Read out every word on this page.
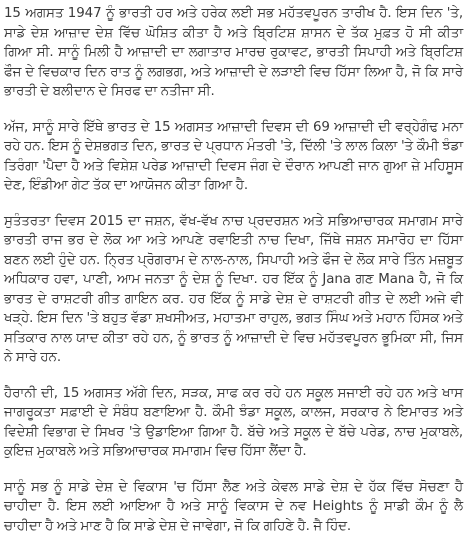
15 ਅਗਸਤ 1947 ਨੂੰ ਭਾਰਤੀ ਹਰ ਅਤੇ ਹਰੇਕ ਲਈ ਸਭ ਮਹੱਤਵਪੂਰਨ ਤਾਰੀਖ ਹੈ. ਇਸ ਦਿਨ 'ਤੇ, ਸਾਡੇ ਦੇਸ਼ ਆਜ਼ਾਦ ਦੇਸ਼ ਵਿੱਚ ਘੋਸ਼ਿਤ ਕੀਤਾ ਹੈ ਅਤੇ ਬ੍ਰਿਟਿਸ਼ ਸ਼ਾਸਨ ਦੇ ਤੱਕ ਮੁਫ਼ਤ ਹੋ ਸੀ ਕੀਤਾ ਗਿਆ ਸੀ. ਸਾਨੂੰ ਮਿਲੀ ਹੈ ਆਜ਼ਾਦੀ ਦਾ ਲਗਾਤਾਰ ਮਾਰਚ ਰੁਕਾਵਟ, ਭਾਰਤੀ ਸਿਪਾਹੀ ਅਤੇ ਬ੍ਰਿਟਿਸ਼ ਫੌਜ ਦੇ ਵਿਚਕਾਰ ਦਿਨ ਰਾਤ ਨੂੰ ਲਗਭਗ, ਅਤੇ ਆਜ਼ਾਦੀ ਦੇ ਲੜਾਈ ਵਿਚ ਹਿੱਸਾ ਲਿਆ ਹੈ, ਜੋ ਕਿ ਸਾਰੇ ਭਾਰਤੀ ਦੇ ਬਲੀਦਾਨ ਦੇ ਸਿਰਫ ਦਾ ਨਤੀਜਾ ਸੀ.

ਅੱਜ, ਸਾਨੂੰ ਸਾਰੇ ਇੱਥੇ ਭਾਰਤ ਦੇ 15 ਅਗਸਤ ਆਜ਼ਾਦੀ ਦਿਵਸ ਦੀ 69 ਆਜ਼ਾਦੀ ਦੀ ਵਰ੍ਹੇਗੰਢ ਮਨਾ ਰਹੇ ਹਨ. ਇਸ ਨੂੰ ਦੇਸ਼ਭਗਤ ਦਿਨ, ਭਾਰਤ ਦੇ ਪ੍ਰਧਾਨ ਮੰਤਰੀ 'ਤੇ, ਦਿੱਲੀ 'ਤੇ ਲਾਲ ਕਿਲਾ 'ਤੇ ਕੌਮੀ ਝੰਡਾ ਤਿਰੰਗਾ 'ਪੈਦਾ ਹੈ ਅਤੇ ਵਿਸ਼ੇਸ਼ ਪਰੇਡ ਆਜ਼ਾਦੀ ਦਿਵਸ ਜੰਗ ਦੇ ਦੌਰਾਨ ਆਪਣੀ ਜਾਨ ਗੁਆ ਜ਼ੇ ਮਹਿਸੂਸ ਦੇਣ, ਇੰਡੀਆ ਗੇਟ ਤੱਕ ਦਾ ਆਯੋਜਨ ਕੀਤਾ ਗਿਆ ਹੈ.

ਸੁਤੰਤਰਤਾ ਦਿਵਸ 2015 ਦਾ ਜਸ਼ਨ, ਵੱਖ-ਵੱਖ ਨਾਚ ਪ੍ਰਦਰਸ਼ਨ ਅਤੇ ਸਭਿਆਚਾਰਕ ਸਮਾਗਮ ਸਾਰੇ ਭਾਰਤੀ ਰਾਜ ਭਰ ਦੇ ਲੋਕ ਆ ਅਤੇ ਆਪਣੇ ਰਵਾਇਤੀ ਨਾਚ ਦਿਖਾ, ਜਿੱਥੇ ਜਸ਼ਨ ਸਮਾਰੋਹ ਦਾ ਹਿੱਸਾ ਬਣਨ ਲਈ ਹੁੰਦੇ ਹਨ. ਨ੍ਰਿਤ ਪ੍ਰੋਗਰਾਮ ਦੇ ਨਾਲ-ਨਾਲ, ਸਿਪਾਹੀ ਅਤੇ ਫੌਜ ਦੇ ਲੋਕ ਸਾਰੇ ਤਿੰਨ ਮਜ਼ਬੂਤ ਅਧਿਕਾਰ ਹਵਾ, ਪਾਣੀ, ਆਮ ਜਨਤਾ ਨੂੰ ਦੇਸ਼ ਨੂੰ ਦਿਖਾ. ਹਰ ਇੱਕ ਨੂੰ Jana ਗਣ Mana ਹੈ, ਜੋ ਕਿ ਭਾਰਤ ਦੇ ਰਾਸ਼ਟਰੀ ਗੀਤ ਗਾਇਨ ਕਰ. ਹਰ ਇੱਕ ਨੂੰ ਸਾਡੇ ਦੇਸ਼ ਦੇ ਰਾਸ਼ਟਰੀ ਗੀਤ ਦੇ ਲਈ ਅਜੇ ਵੀ ਖੜ੍ਹੇ. ਇਸ ਦਿਨ 'ਤੇ ਬਹੁਤ ਵੱਡਾ ਸ਼ਖਸੀਅਤ, ਮਹਾਤਮਾ ਰਾਹੁਲ, ਭਗਤ ਸਿੰਘ ਅਤੇ ਮਹਾਨ ਹਿੰਸਕ ਅਤੇ ਸਤਿਕਾਰ ਨਾਲ ਯਾਦ ਕੀਤਾ ਰਹੇ ਹਨ, ਨੂੰ ਭਾਰਤ ਨੂੰ ਆਜ਼ਾਦੀ ਦੇ ਵਿਚ ਮਹੱਤਵਪੂਰਨ ਭੂਮਿਕਾ ਸੀ, ਜਿਸ ਨੇ ਸਾਰੇ ਹਨ.

ਹੈਰਾਨੀ ਦੀ, 15 ਅਗਸਤ ਅੱਗੇ ਦਿਨ, ਸੜਕ, ਸਾਫ ਕਰ ਰਹੇ ਹਨ ਸਕੂਲ ਸਜਾਈ ਰਹੇ ਹਨ ਅਤੇ ਖਾਸ ਜਾਗਰੂਕਤਾ ਸਫ਼ਾਈ ਦੇ ਸੰਬੰਧ ਬਣਾਇਆ ਹੈ. ਕੌਮੀ ਝੰਡਾ ਸਕੂਲ, ਕਾਲਜ, ਸਰਕਾਰ ਨੇ ਇਮਾਰਤ ਅਤੇ ਵਿਦੇਸ਼ੀ ਵਿਭਾਗ ਦੇ ਸਿਖਰ 'ਤੇ ਉਡਾਇਆ ਗਿਆ ਹੈ. ਬੱਚੇ ਅਤੇ ਸਕੂਲ ਦੇ ਬੱਚੇ ਪਰੇਡ, ਨਾਚ ਮੁਕਾਬਲੇ, ਕੁਇਜ਼ ਮੁਕਾਬਲੇ ਅਤੇ ਸਭਿਆਚਾਰਕ ਸਮਾਗਮ ਵਿਚ ਹਿੱਸਾ ਲੈਂਦਾ ਹੈ.

ਸਾਨੂੰ ਸਭ ਨੂੰ ਸਾਡੇ ਦੇਸ਼ ਦੇ ਵਿਕਾਸ 'ਚ ਹਿੱਸਾ ਲੈਣ ਅਤੇ ਕੇਵਲ ਸਾਡੇ ਦੇਸ਼ ਦੇ ਹੱਕ ਵਿੱਚ ਸੋਚਣਾ ਹੈ ਚਾਹੀਦਾ ਹੈ. ਇਸ ਲਈ ਆਇਆ ਹੈ ਅਤੇ ਸਾਨੂੰ ਵਿਕਾਸ ਦੇ ਨਵ Heights ਨੂੰ ਸਾਡੀ ਕੌਮ ਨੂੰ ਲੈ ਚਾਹੀਦਾ ਹੈ ਅਤੇ ਮਾਣ ਹੈ ਕਿ ਸਾਡੇ ਦੇਸ਼ ਦੇ ਜਾਵੇਗਾ, ਜੋ ਕਿ ਗਹਿਣੇ ਹੈ. ਜੈ ਹਿੰਦ.
